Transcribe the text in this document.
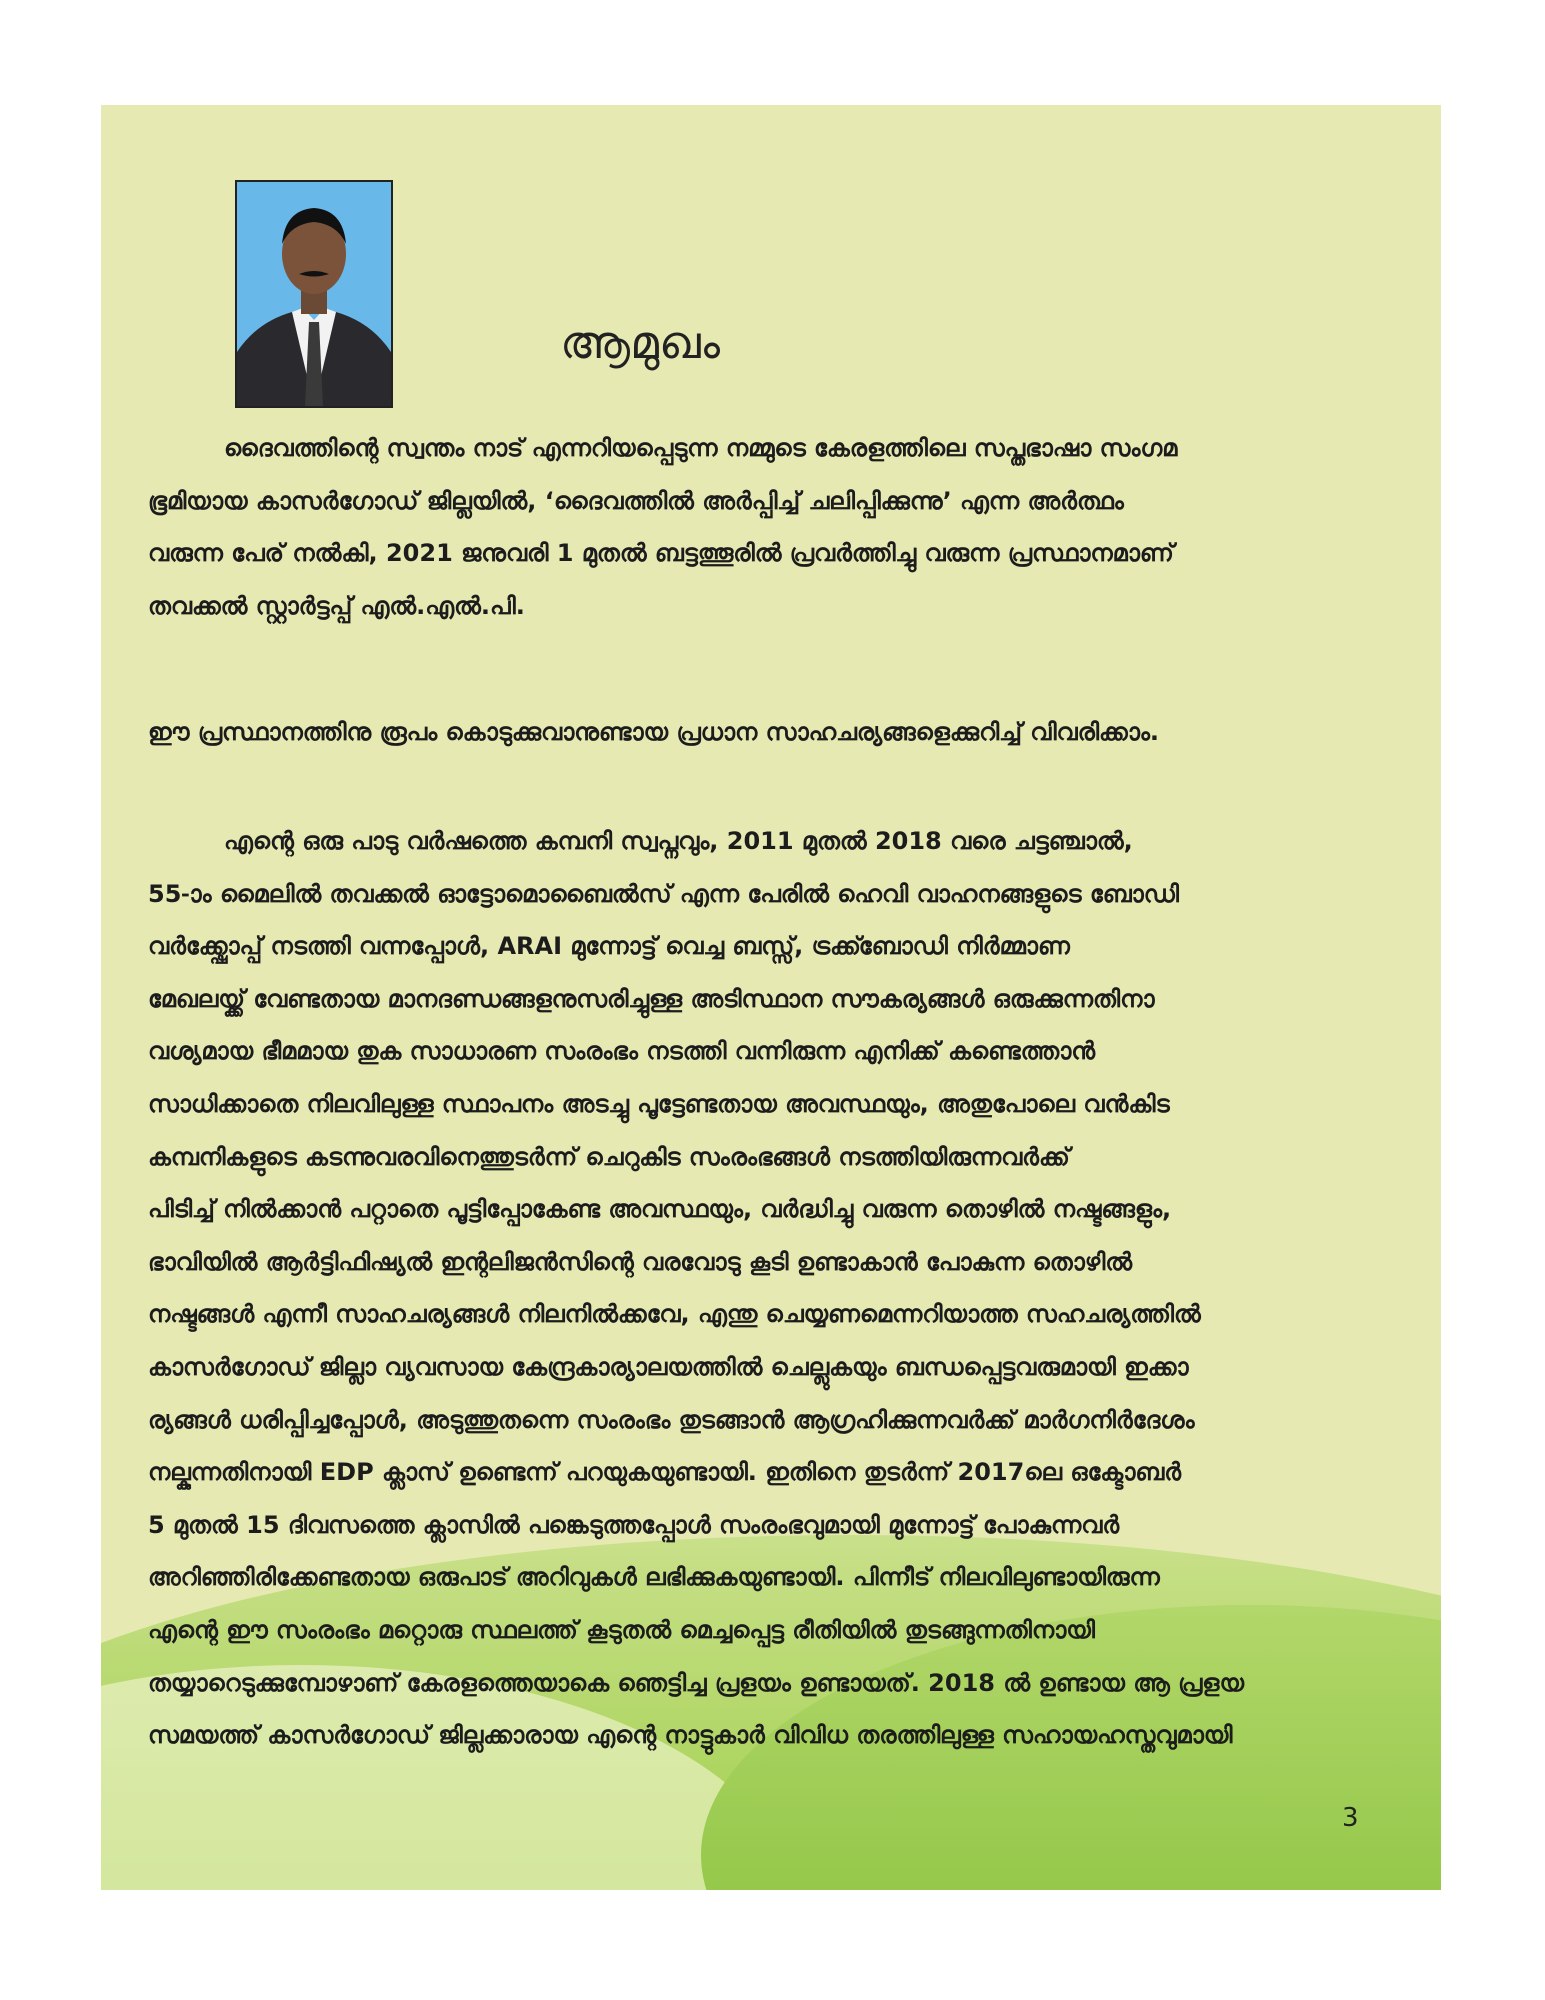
ആമുഖം
ദൈവത്തിന്റെ സ്വന്തം നാട് എന്നറിയപ്പെടുന്ന നമ്മുടെ കേരളത്തിലെ സപ്തഭാഷാ സംഗമ
ഭൂമിയായ കാസർഗോഡ് ജില്ലയിൽ, ‘ദൈവത്തിൽ അർപ്പിച്ച് ചലിപ്പിക്കുന്നു’ എന്ന അർത്ഥം
വരുന്ന പേര് നൽകി, 2021 ജനുവരി 1 മുതൽ ബട്ടത്തൂരിൽ പ്രവർത്തിച്ചു വരുന്ന പ്രസ്ഥാനമാണ്
തവക്കൽ സ്റ്റാർട്ടപ്പ് എൽ.എൽ.പി.
ഈ പ്രസ്ഥാനത്തിനു രൂപം കൊടുക്കുവാനുണ്ടായ പ്രധാന സാഹചര്യങ്ങളെക്കുറിച്ച് വിവരിക്കാം.
എന്റെ ഒരു പാടു വർഷത്തെ കമ്പനി സ്വപ്നവും, 2011 മുതൽ 2018 വരെ ചട്ടഞ്ചാൽ,
55-ാം മൈലിൽ തവക്കൽ ഓട്ടോമൊബൈൽസ് എന്ന പേരിൽ ഹെവി വാഹനങ്ങളുടെ ബോഡി
വർക്ക്ഷോപ്പ് നടത്തി വന്നപ്പോൾ, ARAI മുന്നോട്ട് വെച്ച ബസ്സ്, ട്രക്ക്ബോഡി നിർമ്മാണ
മേഖലയ്ക്ക് വേണ്ടതായ മാനദണ്ഡങ്ങളനുസരിച്ചുള്ള അടിസ്ഥാന സൗകര്യങ്ങൾ ഒരുക്കുന്നതിനാ
വശ്യമായ ഭീമമായ തുക സാധാരണ സംരംഭം നടത്തി വന്നിരുന്ന എനിക്ക് കണ്ടെത്താൻ
സാധിക്കാതെ നിലവിലുള്ള സ്ഥാപനം അടച്ചു പൂട്ടേണ്ടതായ അവസ്ഥയും, അതുപോലെ വൻകിട
കമ്പനികളുടെ കടന്നുവരവിനെത്തുടർന്ന് ചെറുകിട സംരംഭങ്ങൾ നടത്തിയിരുന്നവർക്ക്
പിടിച്ച് നിൽക്കാൻ പറ്റാതെ പൂട്ടിപ്പോകേണ്ട അവസ്ഥയും, വർദ്ധിച്ചു വരുന്ന തൊഴിൽ നഷ്ടങ്ങളും,
ഭാവിയിൽ ആർട്ടിഫിഷ്യൽ ഇന്റലിജൻസിന്റെ വരവോടു കൂടി ഉണ്ടാകാൻ പോകുന്ന തൊഴിൽ
നഷ്ടങ്ങൾ എന്നീ സാഹചര്യങ്ങൾ നിലനിൽക്കവേ, എന്തു ചെയ്യണമെന്നറിയാത്ത സഹചര്യത്തിൽ
കാസർഗോഡ് ജില്ലാ വ്യവസായ കേന്ദ്രകാര്യാലയത്തിൽ ചെല്ലുകയും ബന്ധപ്പെട്ടവരുമായി ഇക്കാ
ര്യങ്ങൾ ധരിപ്പിച്ചപ്പോൾ, അടുത്തുതന്നെ സംരംഭം തുടങ്ങാൻ ആഗ്രഹിക്കുന്നവർക്ക് മാർഗനിർദേശം
നല്കുന്നതിനായി EDP ക്ലാസ് ഉണ്ടെന്ന് പറയുകയുണ്ടായി. ഇതിനെ തുടർന്ന് 2017ലെ ഒക്ടോബർ
5 മുതൽ 15 ദിവസത്തെ ക്ലാസിൽ പങ്കെടുത്തപ്പോൾ സംരംഭവുമായി മുന്നോട്ട് പോകുന്നവർ
അറിഞ്ഞിരിക്കേണ്ടതായ ഒരുപാട് അറിവുകൾ ലഭിക്കുകയുണ്ടായി. പിന്നീട് നിലവിലുണ്ടായിരുന്ന
എന്റെ ഈ സംരംഭം മറ്റൊരു സ്ഥലത്ത് കൂടുതൽ മെച്ചപ്പെട്ട രീതിയിൽ തുടങ്ങുന്നതിനായി
തയ്യാറെടുക്കുമ്പോഴാണ് കേരളത്തെയാകെ ഞെട്ടിച്ച പ്രളയം ഉണ്ടായത്. 2018 ൽ ഉണ്ടായ ആ പ്രളയ
സമയത്ത് കാസർഗോഡ് ജില്ലക്കാരായ എന്റെ നാട്ടുകാർ വിവിധ തരത്തിലുള്ള സഹായഹസ്തവുമായി
3
